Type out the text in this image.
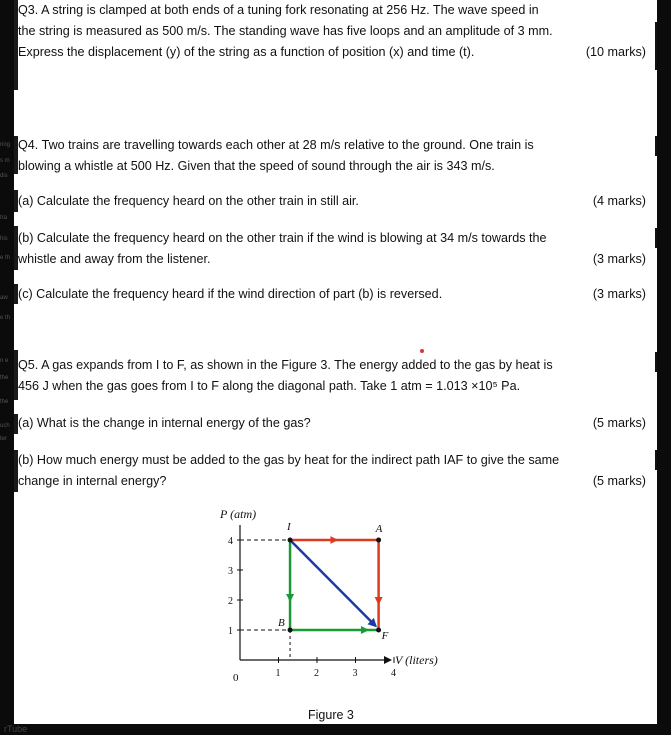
ring
s m
dis
tra
his
e th
aw
e th
n e
the
the
uch
ter
Q3. A string is clamped at both ends of a tuning fork resonating at 256 Hz. The wave speed in
the string is measured as 500 m/s. The standing wave has five loops and an amplitude of 3 mm.
Express the displacement (y) of the string as a function of position (x) and time (t).	(10 marks)
Q4. Two trains are travelling towards each other at 28 m/s relative to the ground. One train is
blowing a whistle at 500 Hz. Given that the speed of sound through the air is 343 m/s.
(a) Calculate the frequency heard on the other train in still air.	(4 marks)
(b) Calculate the frequency heard on the other train if the wind is blowing at 34 m/s towards the
whistle and away from the listener.	(3 marks)
(c) Calculate the frequency heard if the wind direction of part (b) is reversed.	(3 marks)
Q5. A gas expands from I to F, as shown in the Figure 3. The energy added to the gas by heat is
456 J when the gas goes from I to F along the diagonal path. Take 1 atm = 1.013 ×10⁵ Pa.
(a) What is the change in internal energy of the gas?	(5 marks)
(b) How much energy must be added to the gas by heat for the indirect path IAF to give the same
change in internal energy?	(5 marks)
P (atm)
1
2
3
4
1	2	3	4
0
V (liters)
I	A
B
F
Figure 3
rTube
